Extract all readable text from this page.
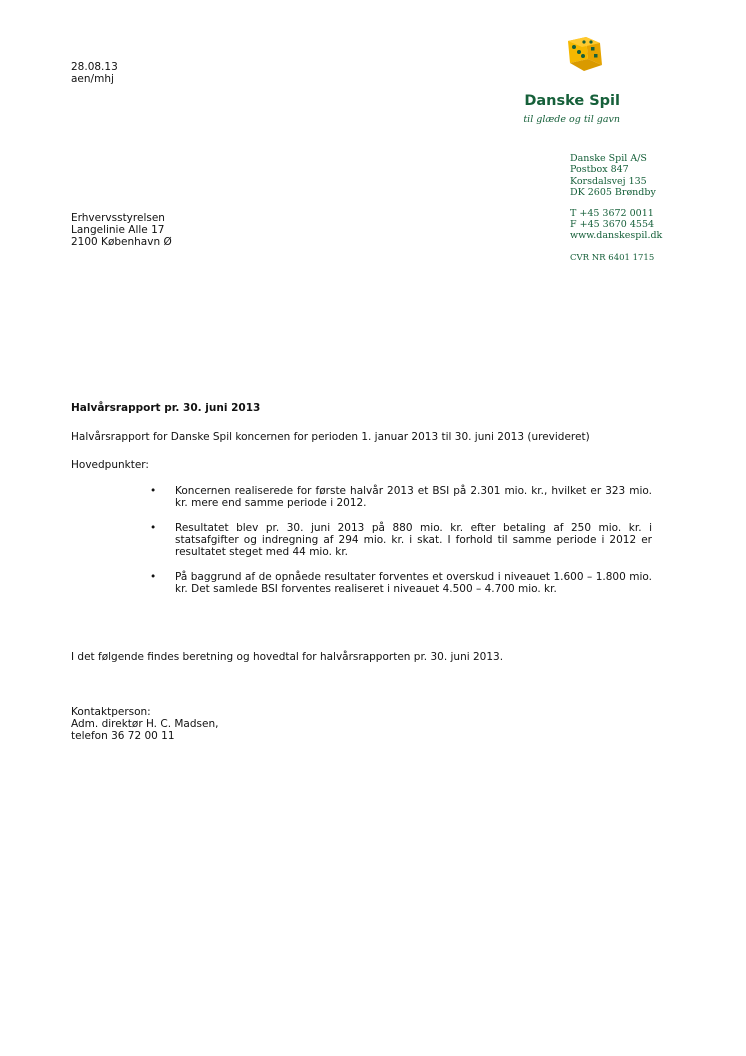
28.08.13
aen/mhj
Danske Spil
til glæde og til gavn
Danske Spil A/S
Postbox 847
Korsdalsvej 135
DK 2605 Brøndby
T +45 3672 0011
F +45 3670 4554
www.danskespil.dk
CVR NR 6401 1715
Erhvervsstyrelsen
Langelinie Alle 17
2100 København Ø
Halvårsrapport pr. 30. juni 2013
Halvårsrapport for Danske Spil koncernen for perioden 1. januar 2013 til 30. juni 2013 (urevideret)
Hovedpunkter:
• Koncernen realiserede for første halvår 2013 et BSI på 2.301 mio. kr., hvilket er 323 mio. kr. mere end samme periode i 2012.
• Resultatet blev pr. 30. juni 2013 på 880 mio. kr. efter betaling af 250 mio. kr. i statsafgifter og indregning af 294 mio. kr. i skat. I forhold til samme periode i 2012 er resultatet steget med 44 mio. kr.
• På baggrund af de opnåede resultater forventes et overskud i niveauet 1.600 – 1.800 mio. kr. Det samlede BSI forventes realiseret i niveauet 4.500 – 4.700 mio. kr.
I det følgende findes beretning og hovedtal for halvårsrapporten pr. 30. juni 2013.
Kontaktperson:
Adm. direktør H. C. Madsen,
telefon 36 72 00 11
